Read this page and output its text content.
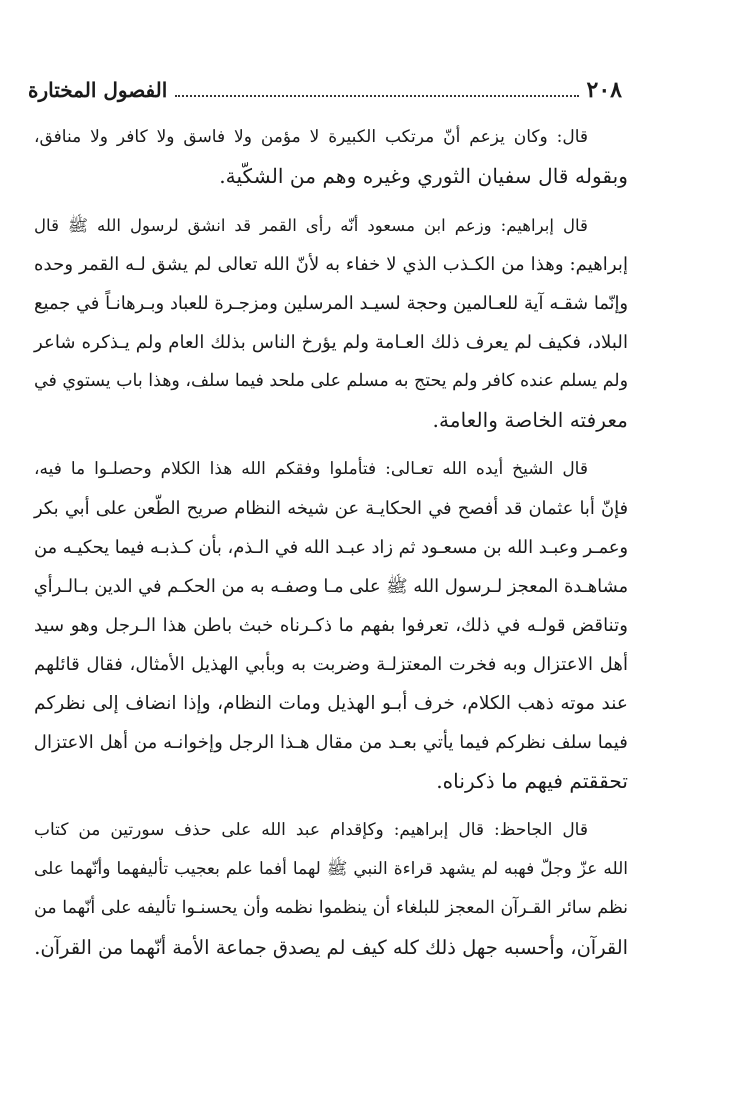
٢٠٨
الفصول المختارة
قال: وكان يزعم أنّ مرتكب الكبيرة لا مؤمن ولا فاسق ولا كافر ولا منافق،
وبقوله قال سفيان الثوري وغيره وهم من الشكّية.
قال إبراهيم: وزعم ابن مسعود أنّه رأى القمر قد انشق لرسول الله ﷺ قال
إبراهيم: وهذا من الكـذب الذي لا خفاء به لأنّ الله تعالى لم يشق لـه القمر وحده
وإنّما شقـه آية للعـالمين وحجة لسيـد المرسلين ومزجـرة للعباد وبـرهانـاً في جميع
البلاد، فكيف لم يعرف ذلك العـامة ولم يؤرخ الناس بذلك العام ولم يـذكره شاعر
ولم يسلم عنده كافر ولم يحتج به مسلم على ملحد فيما سلف، وهذا باب يستوي في
معرفته الخاصة والعامة.
قال الشيخ أيده الله تعـالى: فتأملوا وفقكم الله هذا الكلام وحصلـوا ما فيه،
فإنّ أبا عثمان قد أفصح في الحكايـة عن شيخه النظام صريح الطّعن على أبي بكر
وعمـر وعبـد الله بن مسعـود ثم زاد عبـد الله في الـذم، بأن كـذبـه فيما يحكيـه من
مشاهـدة المعجز لـرسول الله ﷺ على مـا وصفـه به من الحكـم في الدين بـالـرأي
وتناقض قولـه في ذلك، تعرفوا بفهم ما ذكـرناه خبث باطن هذا الـرجل وهو سيد
أهل الاعتزال وبه فخرت المعتزلـة وضربت به وبأبي الهذيل الأمثال، فقال قائلهم
عند موته ذهب الكلام، خرف أبـو الهذيل ومات النظام، وإذا انضاف إلى نظركم
فيما سلف نظركم فيما يأتي بعـد من مقال هـذا الرجل وإخوانـه من أهل الاعتزال
تحققتم فيهم ما ذكرناه.
قال الجاحظ: قال إبراهيم: وكإقدام عبد الله على حذف سورتين من كتاب
الله عزّ وجلّ فهبه لم يشهد قراءة النبي ﷺ لهما أفما علم بعجيب تأليفهما وأنّهما على
نظم سائر القـرآن المعجز للبلغاء أن ينظموا نظمه وأن يحسنـوا تأليفه على أنّهما من
القرآن، وأحسبه جهل ذلك كله كيف لم يصدق جماعة الأمة أنّهما من القرآن.
